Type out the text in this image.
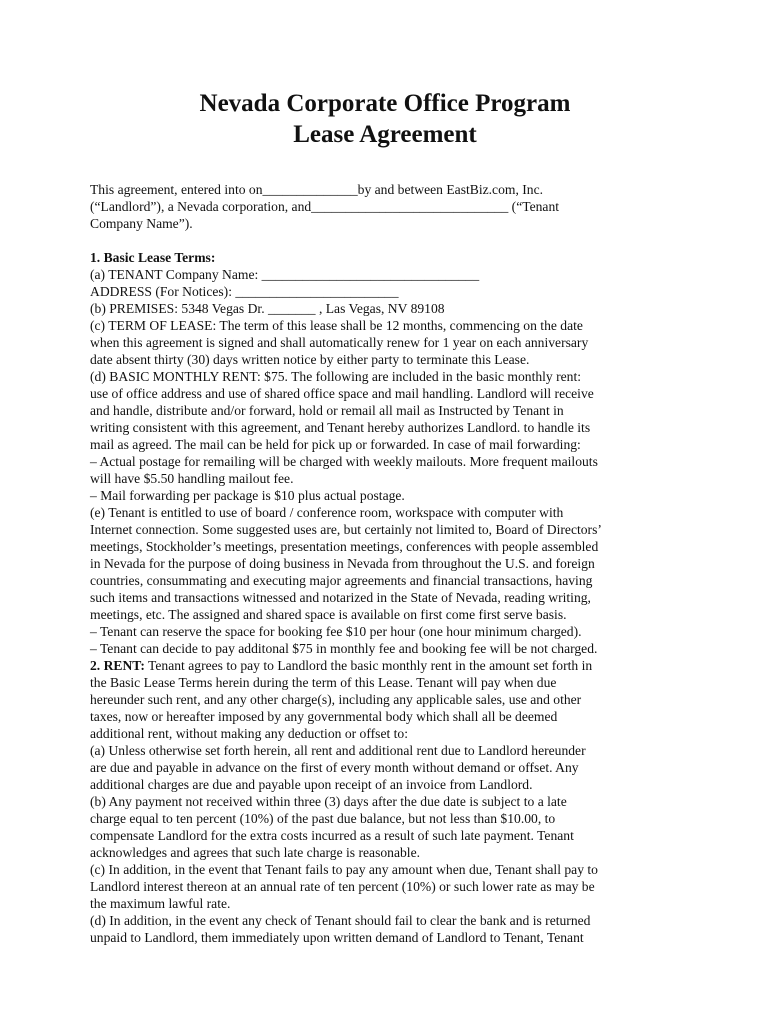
Nevada Corporate Office Program
Lease Agreement

This agreement, entered into on______________by and between EastBiz.com, Inc.

(“Landlord”), a Nevada corporation, and_____________________________ (“Tenant

Company Name”).

1. Basic Lease Terms:

(a) TENANT Company Name: ________________________________

ADDRESS (For Notices): ________________________

(b) PREMISES: 5348 Vegas Dr. _______ , Las Vegas, NV 89108

(c) TERM OF LEASE: The term of this lease shall be 12 months, commencing on the date

when this agreement is signed and shall automatically renew for 1 year on each anniversary

date absent thirty (30) days written notice by either party to terminate this Lease.

(d) BASIC MONTHLY RENT: $75. The following are included in the basic monthly rent:

use of office address and use of shared office space and mail handling. Landlord will receive

and handle, distribute and/or forward, hold or remail all mail as Instructed by Tenant in

writing consistent with this agreement, and Tenant hereby authorizes Landlord. to handle its

mail as agreed. The mail can be held for pick up or forwarded. In case of mail forwarding:

– Actual postage for remailing will be charged with weekly mailouts. More frequent mailouts

will have $5.50 handling mailout fee.

– Mail forwarding per package is $10 plus actual postage.

(e) Tenant is entitled to use of board / conference room, workspace with computer with

Internet connection. Some suggested uses are, but certainly not limited to, Board of Directors’

meetings, Stockholder’s meetings, presentation meetings, conferences with people assembled

in Nevada for the purpose of doing business in Nevada from throughout the U.S. and foreign

countries, consummating and executing major agreements and financial transactions, having

such items and transactions witnessed and notarized in the State of Nevada, reading writing,

meetings, etc. The assigned and shared space is available on first come first serve basis.

– Tenant can reserve the space for booking fee $10 per hour (one hour minimum charged).

– Tenant can decide to pay additonal $75 in monthly fee and booking fee will be not charged.

2. RENT: Tenant agrees to pay to Landlord the basic monthly rent in the amount set forth in

the Basic Lease Terms herein during the term of this Lease. Tenant will pay when due

hereunder such rent, and any other charge(s), including any applicable sales, use and other

taxes, now or hereafter imposed by any governmental body which shall all be deemed

additional rent, without making any deduction or offset to:

(a) Unless otherwise set forth herein, all rent and additional rent due to Landlord hereunder

are due and payable in advance on the first of every month without demand or offset. Any

additional charges are due and payable upon receipt of an invoice from Landlord.

(b) Any payment not received within three (3) days after the due date is subject to a late

charge equal to ten percent (10%) of the past due balance, but not less than $10.00, to

compensate Landlord for the extra costs incurred as a result of such late payment. Tenant

acknowledges and agrees that such late charge is reasonable.

(c) In addition, in the event that Tenant fails to pay any amount when due, Tenant shall pay to

Landlord interest thereon at an annual rate of ten percent (10%) or such lower rate as may be

the maximum lawful rate.

(d) In addition, in the event any check of Tenant should fail to clear the bank and is returned

unpaid to Landlord, them immediately upon written demand of Landlord to Tenant, Tenant
